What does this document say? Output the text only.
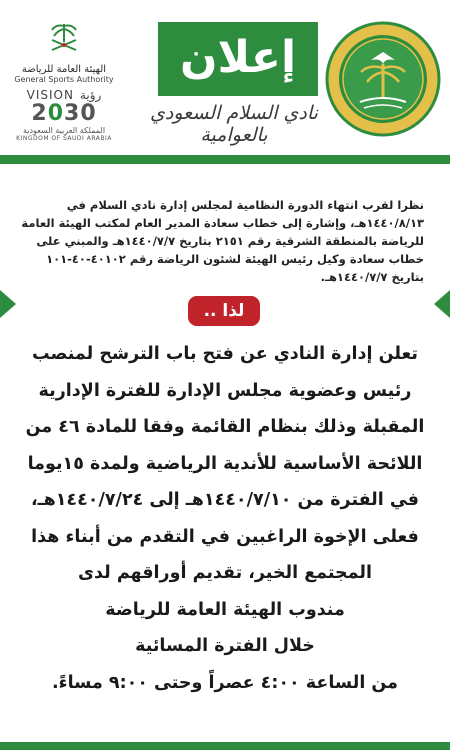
إعلان
نادي السلام السعودي بالعوامية
الهيئة العامة للرياضة
General Sports Authority
VISION رؤية
2030
المملكة العربية السعودية
KINGDOM OF SAUDI ARABIA
نظرا لقرب انتهاء الدورة النظامية لمجلس إدارة نادي السلام في ١٤٤٠/٨/١٣هـ، وإشارة إلى خطاب سعادة المدير العام لمكتب الهيئة العامة للرياضة بالمنطقة الشرقية رقم ٢١٥١ بتاريخ ١٤٤٠/٧/٧هـ والمبني على خطاب سعادة وكيل رئيس الهيئة لشئون الرياضة رقم ٤٠١٠٢-٤٠-١٠١ بتاريخ ١٤٤٠/٧/٧هـ.
لذا ..
تعلن إدارة النادي عن فتح باب الترشح لمنصب
رئيس وعضوية مجلس الإدارة للفترة الإدارية
المقبلة وذلك بنظام القائمة وفقا للمادة ٤٦ من
اللائحة الأساسية للأندية الرياضية ولمدة ١٥يوما
في الفترة من ١٤٤٠/٧/١٠هـ إلى ١٤٤٠/٧/٢٤هـ،
فعلى الإخوة الراغبين في التقدم من أبناء هذا
المجتمع الخير، تقديم أوراقهم لدى
مندوب الهيئة العامة للرياضة
خلال الفترة المسائية
من الساعة ٤:٠٠ عصراً وحتى ٩:٠٠ مساءً.
